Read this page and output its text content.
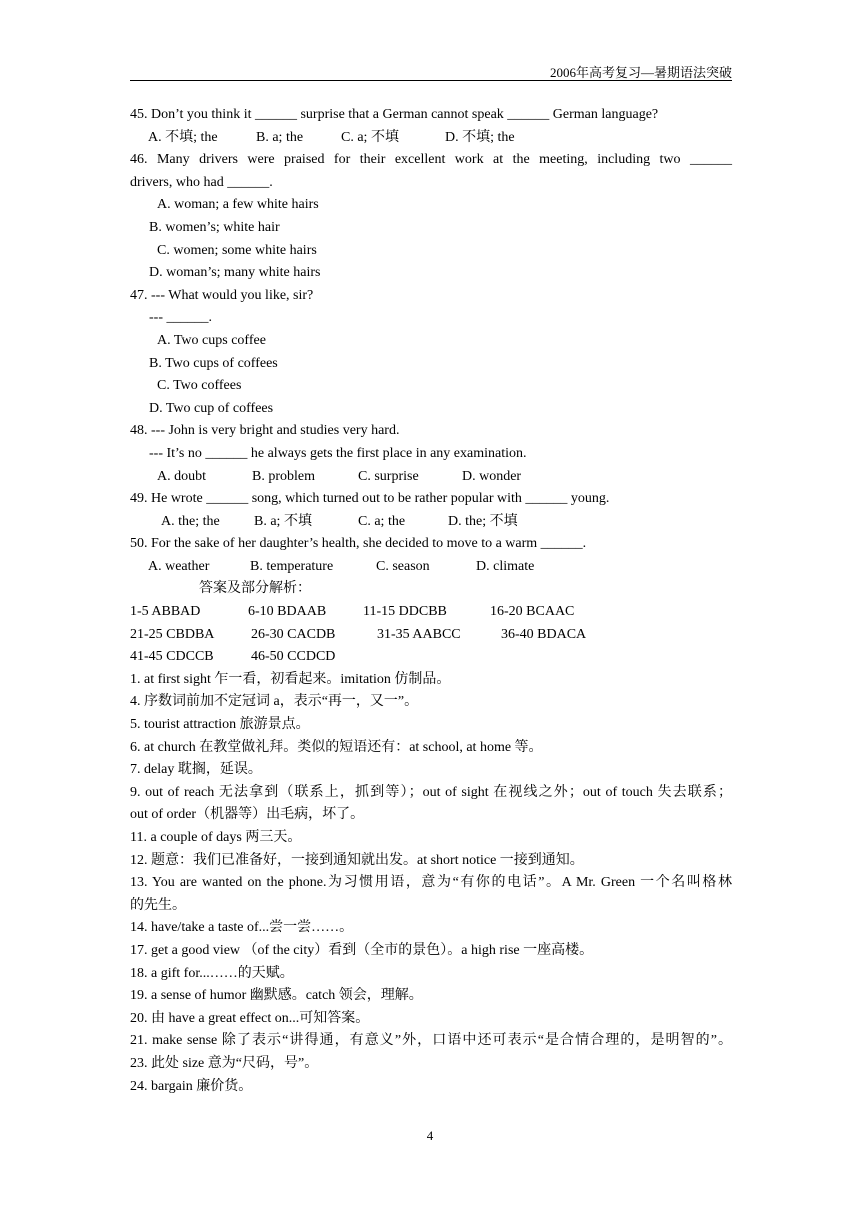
2006年高考复习—暑期语法突破
45. Don’t you think it ______ surprise that a German cannot speak ______ German language?
A. 不填; the	B. a; the	C. a; 不填	D. 不填; the
46. Many drivers were praised for their excellent work at the meeting, including two ______
drivers, who had ______.
A. woman; a few white hairs
B. women’s; white hair
C. women; some white hairs
D. woman’s; many white hairs
47. --- What would you like, sir?
--- ______.
A. Two cups coffee
B. Two cups of coffees
C. Two coffees
D. Two cup of coffees
48. --- John is very bright and studies very hard.
--- It’s no ______ he always gets the first place in any examination.
A. doubt	B. problem	C. surprise	D. wonder
49. He wrote ______ song, which turned out to be rather popular with ______ young.
A. the; the B. a; 不填	C. a; the	D. the; 不填
50. For the sake of her daughter’s health, she decided to move to a warm ______.
A. weather	B. temperature	C. season	D. climate
答案及部分解析：
1-5 ABBAD	6-10 BDAAB	11-15 DDCBB	16-20 BCAAC
21-25 CBDBA	26-30 CACDB	31-35 AABCC	36-40 BDACA
41-45 CDCCB	46-50 CCDCD
1. at first sight 乍一看，初看起来。imitation 仿制品。
4. 序数词前加不定冠词 a，表示“再一，又一”。
5. tourist attraction 旅游景点。
6. at church 在教堂做礼拜。类似的短语还有：at school, at home 等。
7. delay 耽搁，延误。
9. out of reach 无法拿到（联系上，抓到等）；out of sight 在视线之外；out of touch 失去联系；
out of order（机器等）出毛病，坏了。
11. a couple of days 两三天。
12. 题意：我们已准备好，一接到通知就出发。at short notice 一接到通知。
13. You are wanted on the phone.为习惯用语，意为“有你的电话”。A Mr. Green 一个名叫格林
的先生。
14. have/take a taste of...尝一尝……。
17. get a good view （of the city）看到（全市的景色）。a high rise 一座高楼。
18. a gift for...……的天赋。
19. a sense of humor 幽默感。catch 领会，理解。
20. 由 have a great effect on...可知答案。
21. make sense 除了表示“讲得通，有意义”外，口语中还可表示“是合情合理的，是明智的”。
23. 此处 size 意为“尺码，号”。
24. bargain 廉价货。
4
